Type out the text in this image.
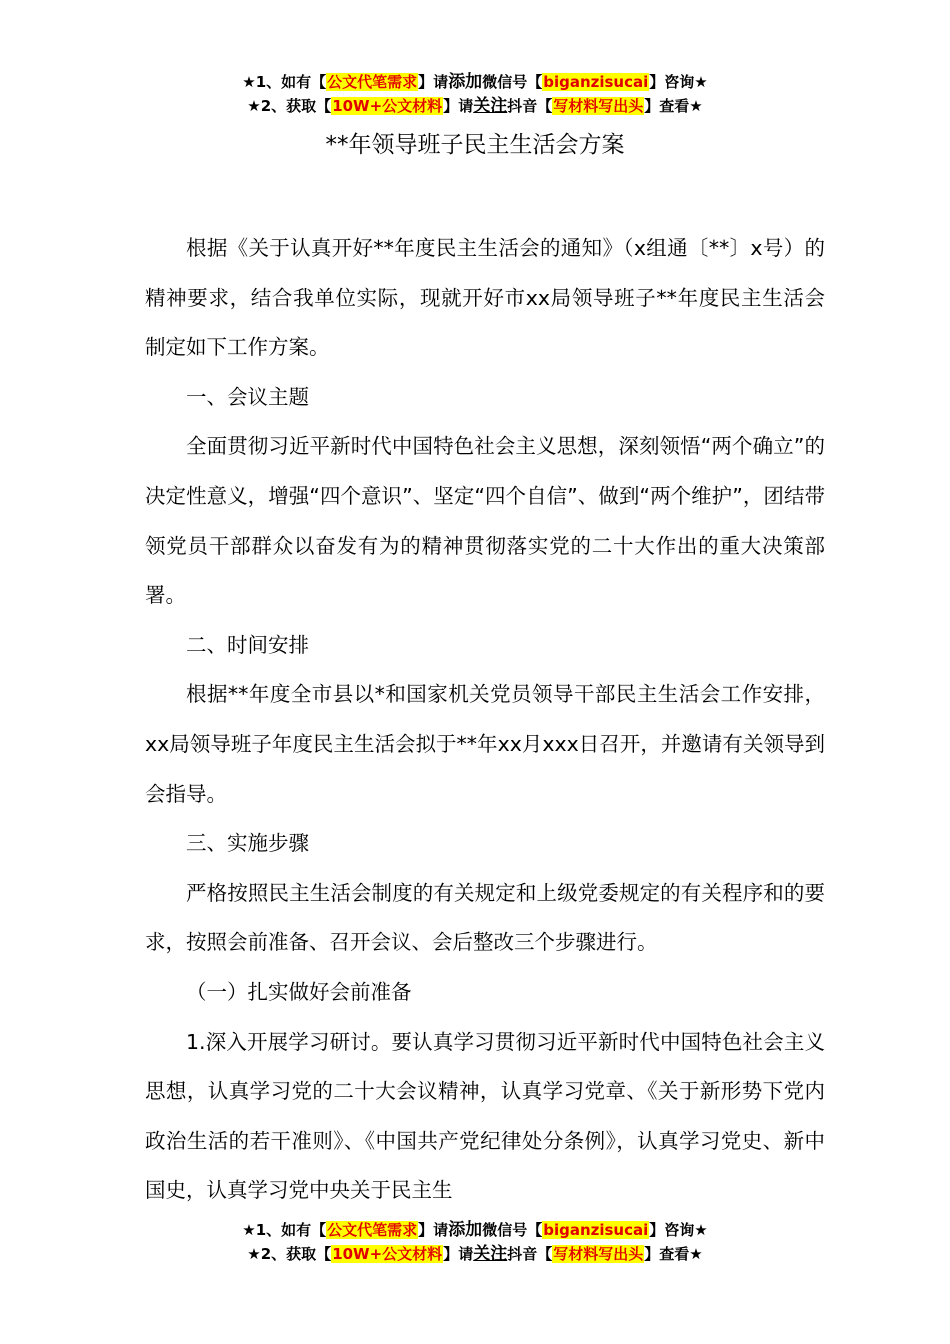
★1、如有【公文代笔需求】请添加微信号【biganzisucai】咨询★
★2、获取【10W+公文材料】请关注抖音【写材料写出头】查看★
**年领导班子民主生活会方案

根据《关于认真开好**年度民主生活会的通知》（x组通〔**〕x号）的精神要求，结合我单位实际，现就开好市xx局领导班子**年度民主生活会制定如下工作方案。

一、会议主题

全面贯彻习近平新时代中国特色社会主义思想，深刻领悟“两个确立”的决定性意义，增强“四个意识”、坚定“四个自信”、做到“两个维护”，团结带领党员干部群众以奋发有为的精神贯彻落实党的二十大作出的重大决策部署。

二、时间安排

根据**年度全市县以*和国家机关党员领导干部民主生活会工作安排，xx局领导班子年度民主生活会拟于**年xx月xxx日召开，并邀请有关领导到会指导。

三、实施步骤

严格按照民主生活会制度的有关规定和上级党委规定的有关程序和的要求，按照会前准备、召开会议、会后整改三个步骤进行。

（一）扎实做好会前准备

1.深入开展学习研讨。要认真学习贯彻习近平新时代中国特色社会主义思想，认真学习党的二十大会议精神，认真学习党章、《关于新形势下党内政治生活的若干准则》、《中国共产党纪律处分条例》，认真学习党史、新中国史，认真学习党中央关于民主生

★1、如有【公文代笔需求】请添加微信号【biganzisucai】咨询★
★2、获取【10W+公文材料】请关注抖音【写材料写出头】查看★
